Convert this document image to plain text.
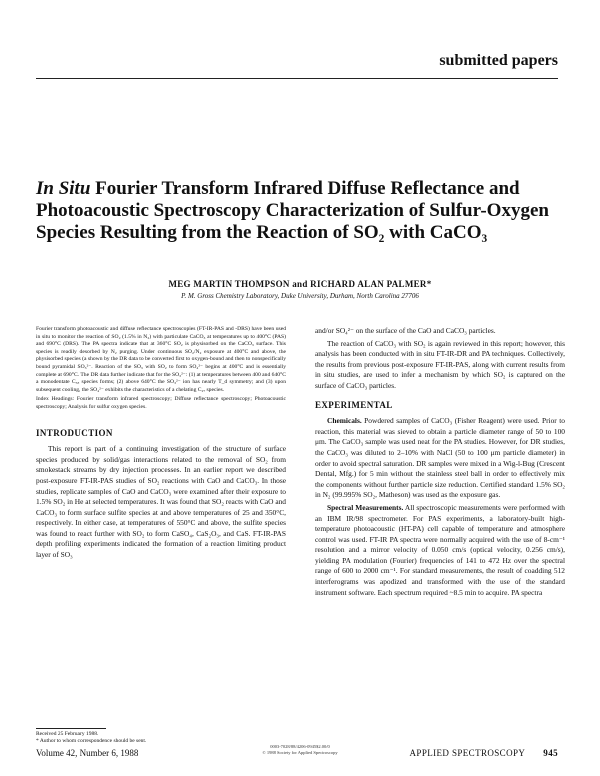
submitted papers
In Situ Fourier Transform Infrared Diffuse Reflectance and Photoacoustic Spectroscopy Characterization of Sulfur-Oxygen Species Resulting from the Reaction of SO₂ with CaCO₃
MEG MARTIN THOMPSON and RICHARD ALAN PALMER*
P. M. Gross Chemistry Laboratory, Duke University, Durham, North Carolina 27706

Fourier transform photoacoustic and diffuse reflectance spectroscopies (FT-IR-PAS and -DRS) have been used in situ to monitor the reaction of SO₂ (1.5% in N₂) with particulate CaCO₃ at temperatures up to 400°C (PAS) and 690°C (DRS). The PA spectra indicate that at 360°C SO₂ is physisorbed on the CaCO₃ surface. This species is readily desorbed by N₂ purging. Under continuous SO₂/N₂ exposure at 400°C and above, the physisorbed species (a shown by the DR data to be converted first to oxygen-bound and then to nonspecifically bound pyramidal SO₃²⁻. Reaction of the SO₃ with SO₂ to form SO₄²⁻ begins at 400°C and is essentially complete at 690°C. The DR data further indicate that for the SO₃²⁻: (1) at temperatures between 400 and 640°C a monodentate C₃ₓ species forms; (2) above 640°C the SO₃²⁻ ion has nearly T_d symmetry; and (3) upon subsequent cooling, the SO₄²⁻ exhibits the characteristics of a chelating C₂ᵥ species.

Index Headings: Fourier transform infrared spectroscopy; Diffuse reflectance spectroscopy; Photoacoustic spectroscopy; Analysis for sulfur oxygen species.

INTRODUCTION

This report is part of a continuing investigation of the structure of surface species produced by solid/gas interactions related to the removal of SO₂ from smokestack streams by dry injection processes. In an earlier report we described post-exposure FT-IR-PAS studies of SO₂ reactions with CaO and CaCO₃. In those studies, replicate samples of CaO and CaCO₃ were examined after their exposure to 1.5% SO₂ in He at selected temperatures. It was found that SO₂ reacts with CaO and CaCO₃ to form surface sulfite species at and above temperatures of 25 and 350°C, respectively. In either case, at temperatures of 550°C and above, the sulfite species was found to react further with SO₂ to form CaSO₄, CaS₂O₃, and CaS. FT-IR-PAS depth profiling experiments indicated the formation of a reaction limiting product layer of SO₃

Received 25 February 1988.
* Author to whom correspondence should be sent.

and/or SO₄²⁻ on the surface of the CaO and CaCO₃ particles.

The reaction of CaCO₃ with SO₂ is again reviewed in this report; however, this analysis has been conducted with in situ FT-IR-DR and PA techniques. Collectively, the results from previous post-exposure FT-IR-PAS, along with current results from in situ studies, are used to infer a mechanism by which SO₂ is captured on the surface of CaCO₃ particles.

EXPERIMENTAL

Chemicals. Powdered samples of CaCO₃ (Fisher Reagent) were used. Prior to reaction, this material was sieved to obtain a particle diameter range of 50 to 100 μm. The CaCO₃ sample was used neat for the PA studies. However, for DR studies, the CaCO₃ was diluted to 2–10% with NaCl (50 to 100 μm particle diameter) in order to avoid spectral saturation. DR samples were mixed in a Wig-l-Bug (Crescent Dental, Mfg.) for 5 min without the stainless steel ball in order to effectively mix the components without further particle size reduction. Certified standard 1.5% SO₂ in N₂ (99.995% SO₂, Matheson) was used as the exposure gas.

Spectral Measurements. All spectroscopic measurements were performed with an IBM IR/98 spectrometer. For PAS experiments, a laboratory-built high-temperature photoacoustic (HT-PA) cell capable of temperature and atmosphere control was used. FT-IR PA spectra were normally acquired with the use of 8-cm⁻¹ resolution and a mirror velocity of 0.050 cm/s (optical velocity, 0.256 cm/s), yielding PA modulation (Fourier) frequencies of 141 to 472 Hz over the spectral range of 600 to 2000 cm⁻¹. For standard measurements, the result of coadding 512 interferograms was apodized and transformed with the use of the standard instrument software. Each spectrum required ~8.5 min to acquire. PA spectra

Volume 42, Number 6, 1988
0003-7028/88/4206-0945$2.00/0
© 1988 Society for Applied Spectroscopy	APPLIED SPECTROSCOPY 945
